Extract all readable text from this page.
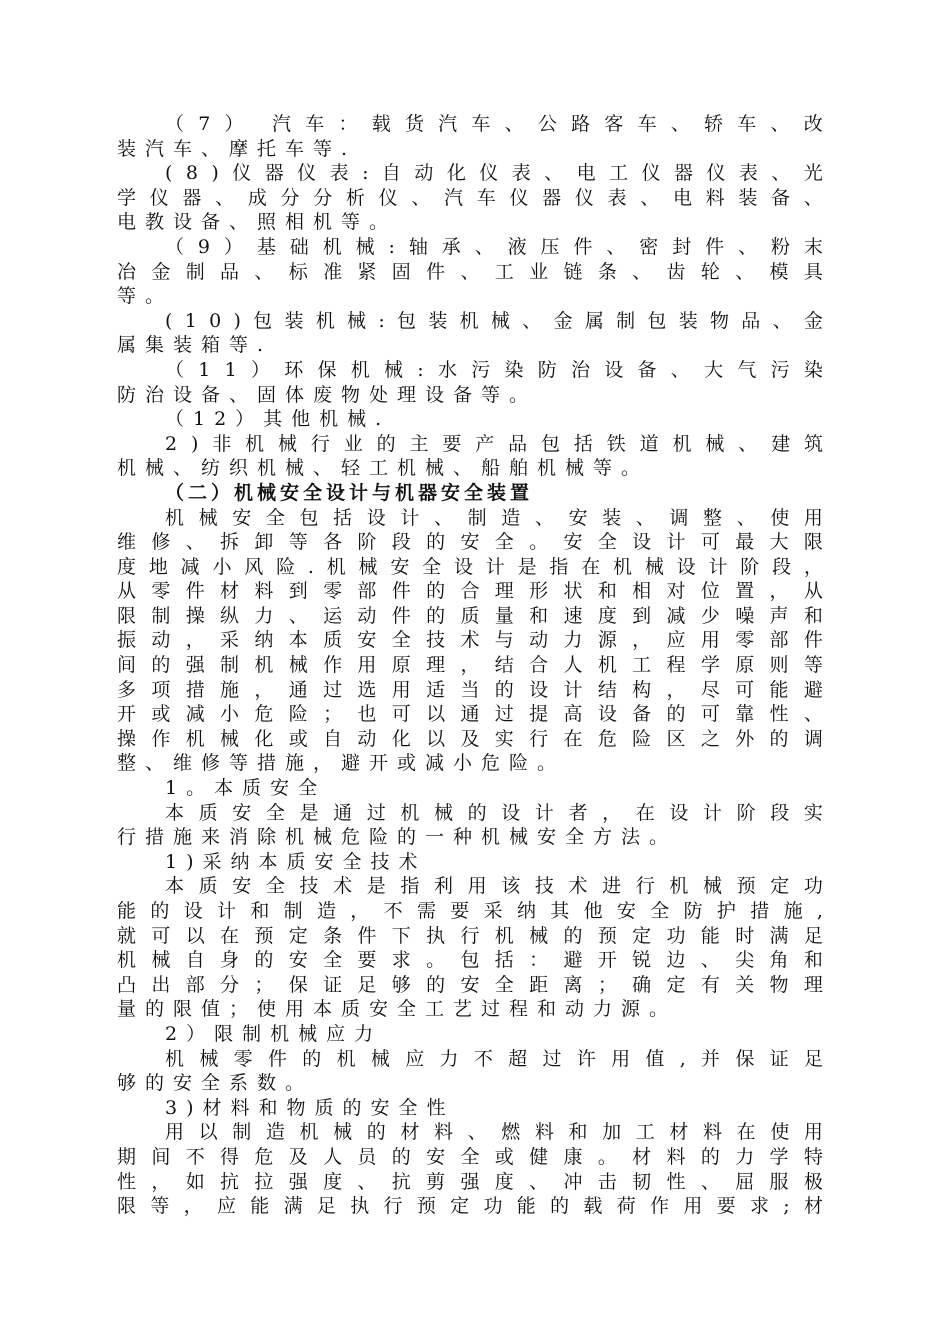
（ 7 ） 汽 车 ： 载 货 汽 车 、 公 路 客 车 、 轿 车 、 改
装汽车、摩托车等.
( 8 ) 仪 器 仪 表 : 自 动 化 仪 表 、 电 工 仪 器 仪 表 、 光
学 仪 器 、 成 分 分 析 仪 、 汽 车 仪 器 仪 表 、 电 料 装 备 、
电教设备、照相机等。
（ 9 ） 基 础 机 械 : 轴 承 、 液 压 件 、 密 封 件 、 粉 末
冶 金 制 品 、 标 准 紧 固 件 、 工 业 链 条 、 齿 轮 、 模 具
等。
( 1 0 ) 包 装 机 械 : 包 装 机 械 、 金 属 制 包 装 物 品 、 金
属集装箱等.
（ 1 1 ） 环 保 机 械 : 水 污 染 防 治 设 备 、 大 气 污 染
防治设备、固体废物处理设备等。
（12）其他机械.
2 ) 非 机 械 行 业 的 主 要 产 品 包 括 铁 道 机 械 、 建 筑
机械、纺织机械、轻工机械、船舶机械等。
（二）机械安全设计与机器安全装置
机 械 安 全 包 括 设 计 、 制 造 、 安 装 、 调 整 、 使 用
维 修 、 拆 卸 等 各 阶 段 的 安 全 。 安 全 设 计 可 最 大 限
度 地 减 小 风 险 . 机 械 安 全 设 计 是 指 在 机 械 设 计 阶 段 ，
从 零 件 材 料 到 零 部 件 的 合 理 形 状 和 相 对 位 置 ， 从
限 制 操 纵 力 、 运 动 件 的 质 量 和 速 度 到 减 少 噪 声 和
振 动 ， 采 纳 本 质 安 全 技 术 与 动 力 源 ， 应 用 零 部 件
间 的 强 制 机 械 作 用 原 理 ， 结 合 人 机 工 程 学 原 则 等
多 项 措 施 ， 通 过 选 用 适 当 的 设 计 结 构 ， 尽 可 能 避
开 或 减 小 危 险 ； 也 可 以 通 过 提 高 设 备 的 可 靠 性 、
操 作 机 械 化 或 自 动 化 以 及 实 行 在 危 险 区 之 外 的 调
整、维修等措施，避开或减小危险。
1。本质安全
本 质 安 全 是 通 过 机 械 的 设 计 者 ， 在 设 计 阶 段 实
行措施来消除机械危险的一种机械安全方法。
1)采纳本质安全技术
本 质 安 全 技 术 是 指 利 用 该 技 术 进 行 机 械 预 定 功
能 的 设 计 和 制 造 ， 不 需 要 采 纳 其 他 安 全 防 护 措 施 ,
就 可 以 在 预 定 条 件 下 执 行 机 械 的 预 定 功 能 时 满 足
机 械 自 身 的 安 全 要 求 。 包 括 ： 避 开 锐 边 、 尖 角 和
凸 出 部 分 ； 保 证 足 够 的 安 全 距 离 ； 确 定 有 关 物 理
量的限值；使用本质安全工艺过程和动力源。
2）限制机械应力
机 械 零 件 的 机 械 应 力 不 超 过 许 用 值 , 并 保 证 足
够的安全系数。
3)材料和物质的安全性
用 以 制 造 机 械 的 材 料 、 燃 料 和 加 工 材 料 在 使 用
期 间 不 得 危 及 人 员 的 安 全 或 健 康 。 材 料 的 力 学 特
性 ， 如 抗 拉 强 度 、 抗 剪 强 度 、 冲 击 韧 性 、 屈 服 极
限 等 ， 应 能 满 足 执 行 预 定 功 能 的 载 荷 作 用 要 求 ; 材
